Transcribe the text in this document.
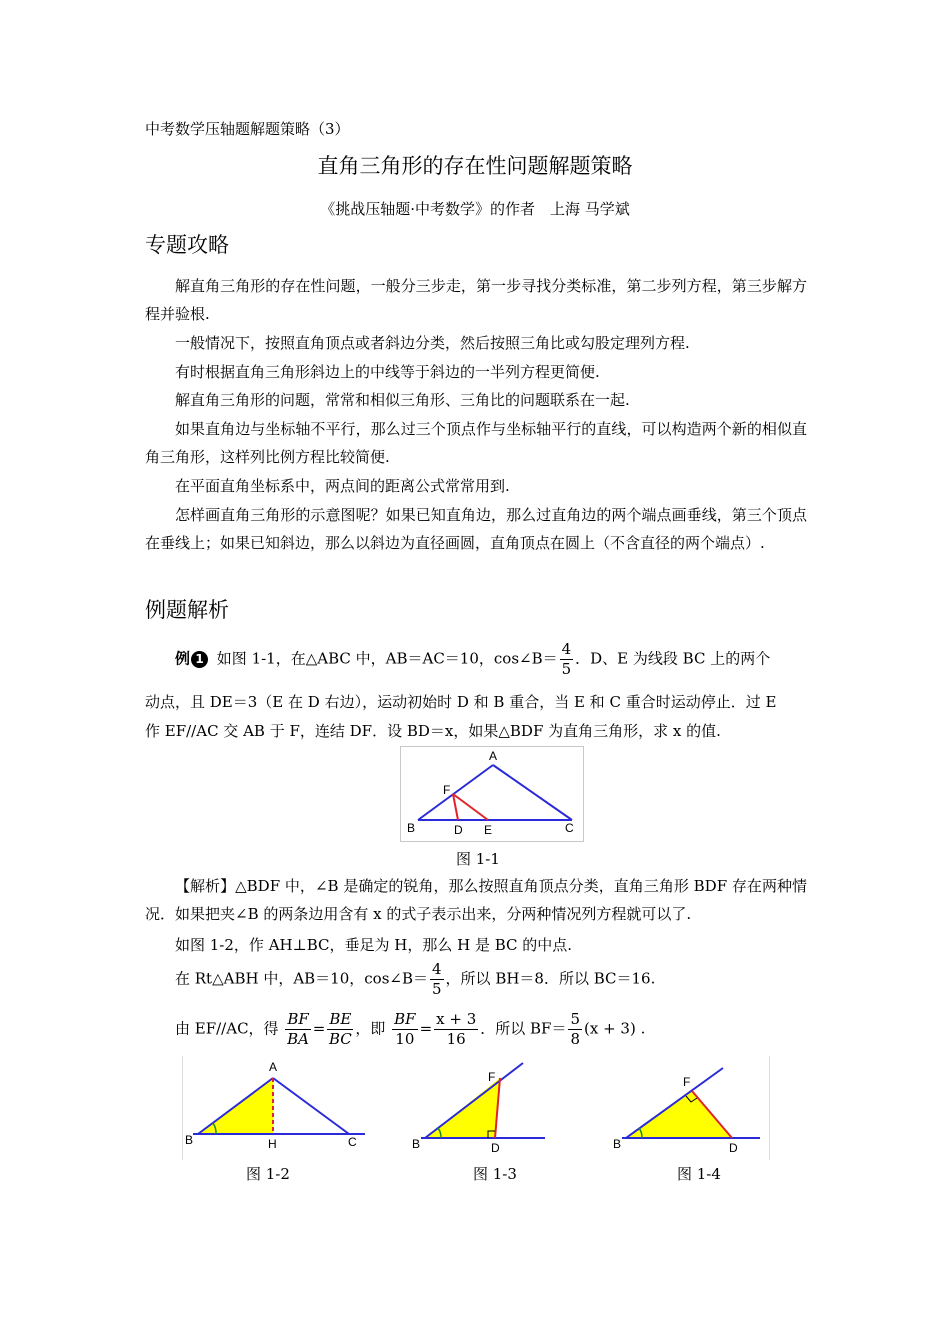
中考数学压轴题解题策略（3）
直角三角形的存在性问题解题策略
《挑战压轴题·中考数学》的作者　上海 马学斌
专题攻略
解直角三角形的存在性问题，一般分三步走，第一步寻找分类标准，第二步列方程，第三步解方程并验根.
一般情况下，按照直角顶点或者斜边分类，然后按照三角比或勾股定理列方程.
有时根据直角三角形斜边上的中线等于斜边的一半列方程更简便.
解直角三角形的问题，常常和相似三角形、三角比的问题联系在一起.
如果直角边与坐标轴不平行，那么过三个顶点作与坐标轴平行的直线，可以构造两个新的相似直角三角形，这样列比例方程比较简便.
在平面直角坐标系中，两点间的距离公式常常用到.
怎样画直角三角形的示意图呢？如果已知直角边，那么过直角边的两个端点画垂线，第三个顶点在垂线上；如果已知斜边，那么以斜边为直径画圆，直角顶点在圆上（不含直径的两个端点）.
例题解析
例 1 如图 1-1，在△ABC 中，AB＝AC＝10，cos∠B＝ $\frac{4}{5}$ ．D、E 为线段 BC 上的两个
动点，且 DE＝3（E 在 D 右边），运动初始时 D 和 B 重合，当 E 和 C 重合时运动停止．过 E
作 EF//AC 交 AB 于 F，连结 DF．设 BD＝x，如果△BDF 为直角三角形，求 x 的值.
A
F
B	D E	C
图 1-1
【解析】△BDF 中，∠B 是确定的锐角，那么按照直角顶点分类，直角三角形 BDF 存在两种情况．如果把夹∠B 的两条边用含有 x 的式子表示出来，分两种情况列方程就可以了.
如图 1-2，作 AH⊥BC，垂足为 H，那么 H 是 BC 的中点.
在 Rt△ABH 中，AB＝10，cos∠B＝ $\frac{4}{5}$ ，所以 BH＝8．所以 BC＝16.
由 EF//AC，得 $\frac{BF}{BA} = \frac{BE}{BC}$ ，即 $\frac{BF}{10} = \frac{x + 3}{16}$ ．所以 $BF= \frac{5}{8} (x + 3)$ .
A
B	H	C
图 1-2
F
B	D
图 1-3
F
B	D
图 1-4
